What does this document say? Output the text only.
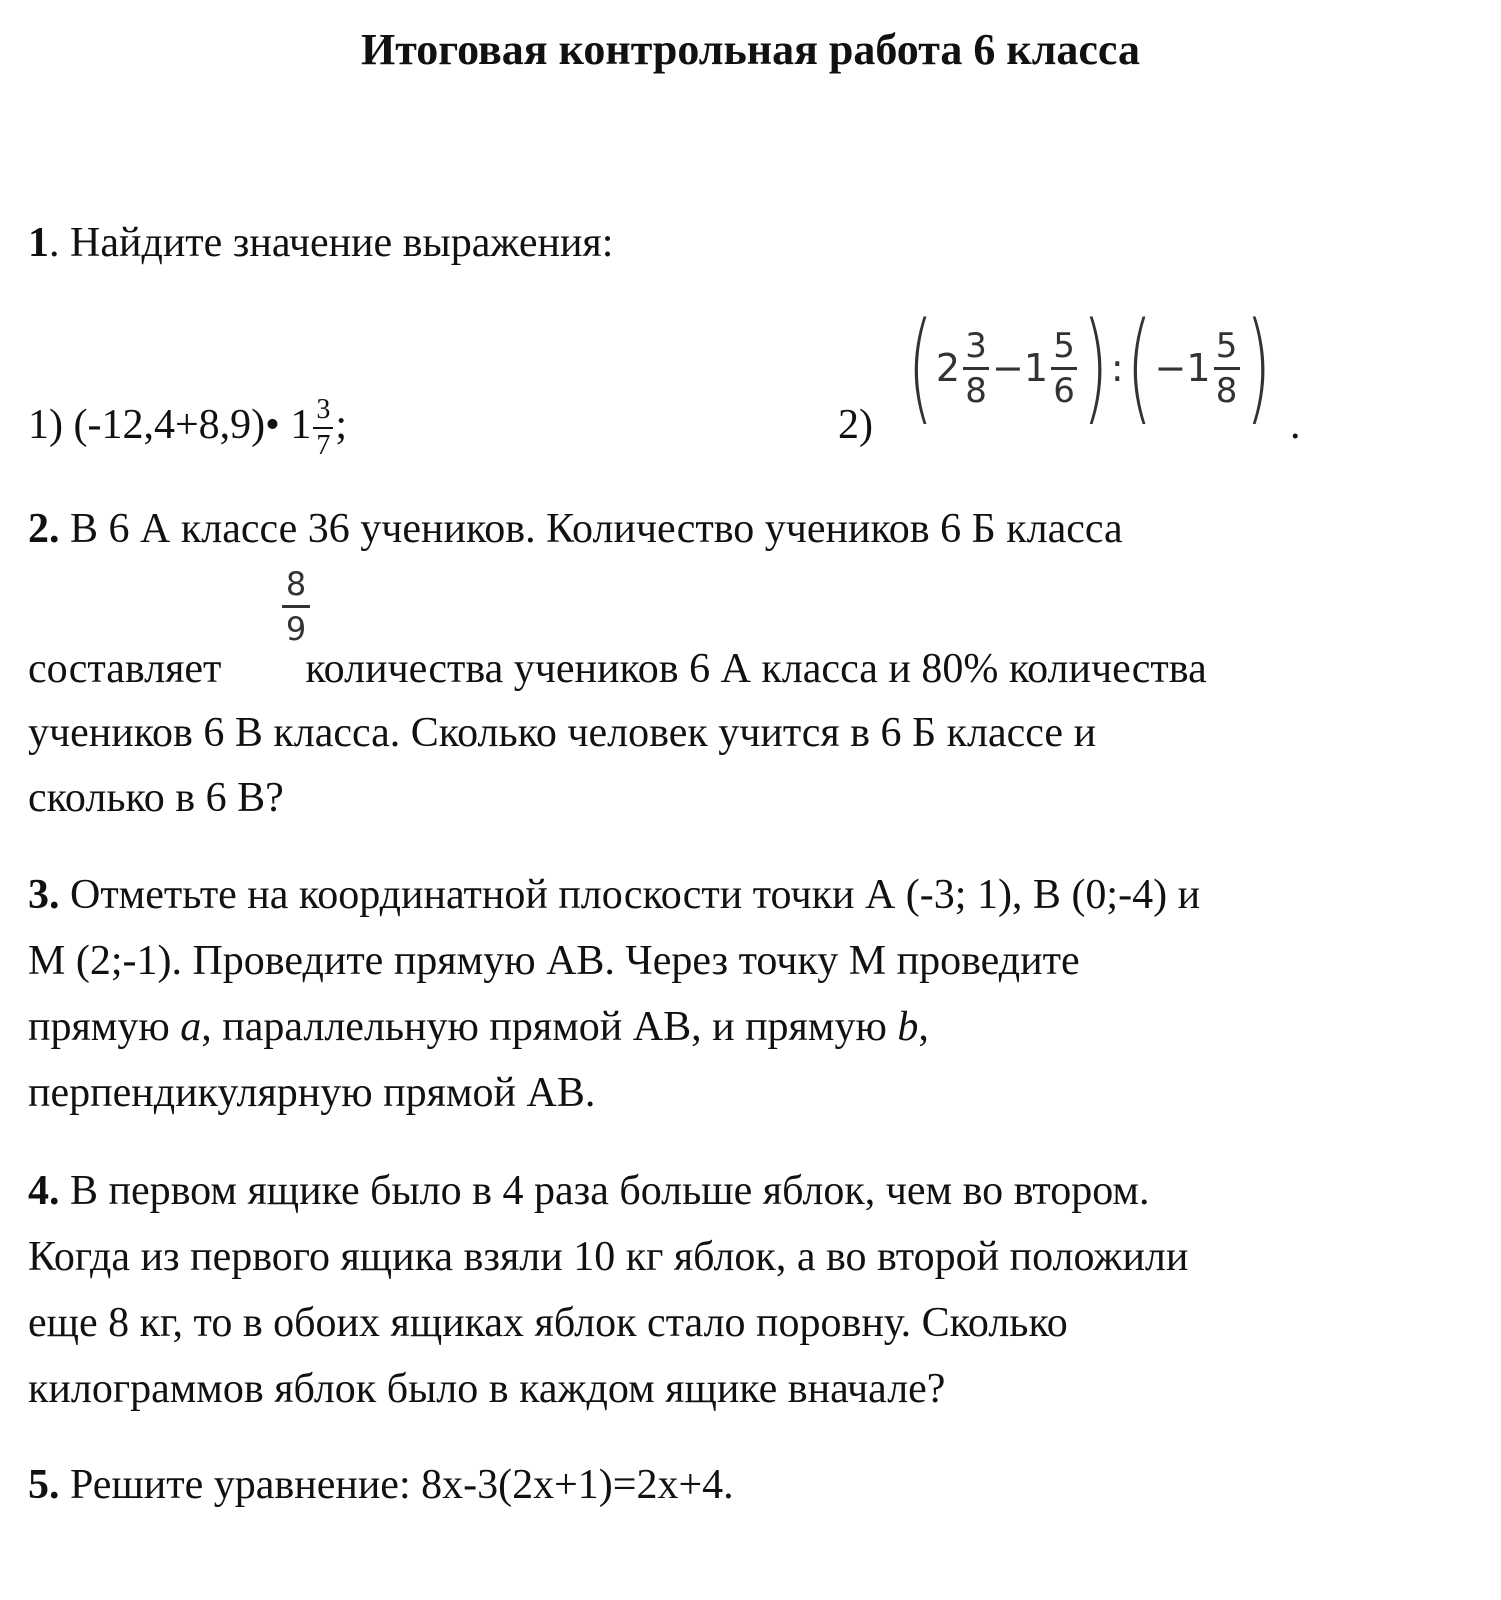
Итоговая контрольная работа 6 класса
1. Найдите значение выражения:
1) (-12,4+8,9)• $1 \frac{3}{7}$ ;	2) ( 2
3
8
− 1
5
6 ) : ( − 1
5
8 ) .
2. В 6 А классе 36 учеников. Количество учеников 6 Б класса
8
9
составляет количества учеников 6 А класса и 80% количества
учеников 6 В класса. Сколько человек учится в 6 Б классе и
сколько в 6 В?
3. Отметьте на координатной плоскости точки А (-3; 1), В (0;-4) и
М (2;-1). Проведите прямую АВ. Через точку М проведите
прямую a, параллельную прямой АВ, и прямую b,
перпендикулярную прямой АВ.
4. В первом ящике было в 4 раза больше яблок, чем во втором.
Когда из первого ящика взяли 10 кг яблок, а во второй положили
еще 8 кг, то в обоих ящиках яблок стало поровну. Сколько
килограммов яблок было в каждом ящике вначале?
5. Решите уравнение: 8х-3(2х+1)=2х+4.
